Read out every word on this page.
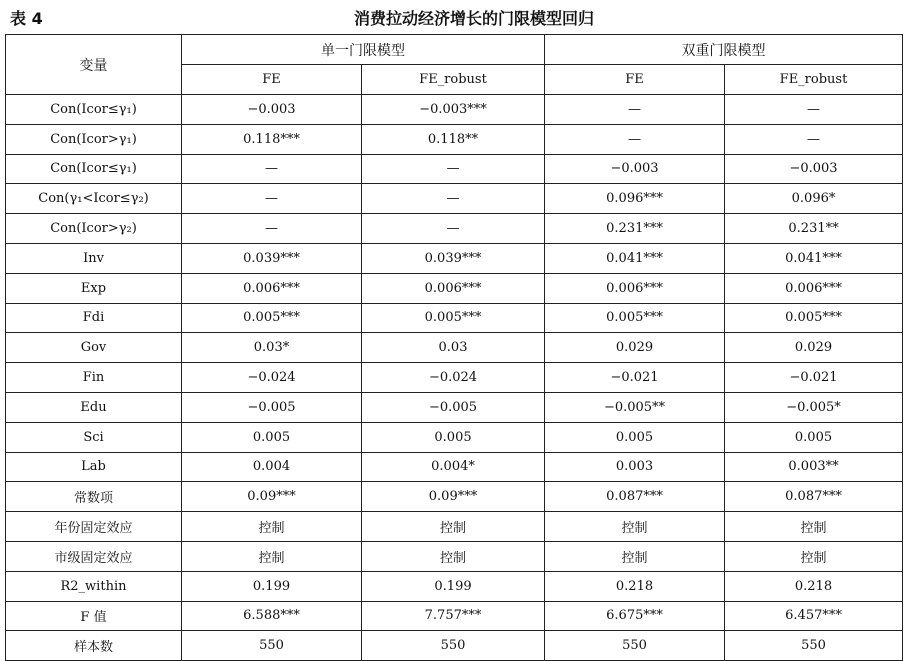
表 4	消费拉动经济增长的门限模型回归
变量	单一门限模型		双重门限模型	
	FE	FE_robust	FE	FE_robust
Con(Icor≤γ₁)	−0.003	−0.003***	—	—
Con(Icor>γ₁)	0.118***	0.118**	—	—
Con(Icor≤γ₁)	—	—	−0.003	−0.003
Con(γ₁<Icor≤γ₂)	—	—	0.096***	0.096*
Con(Icor>γ₂)	—	—	0.231***	0.231**
Inv	0.039***	0.039***	0.041***	0.041***
Exp	0.006***	0.006***	0.006***	0.006***
Fdi	0.005***	0.005***	0.005***	0.005***
Gov	0.03*	0.03	0.029	0.029
Fin	−0.024	−0.024	−0.021	−0.021
Edu	−0.005	−0.005	−0.005**	−0.005*
Sci	0.005	0.005	0.005	0.005
Lab	0.004	0.004*	0.003	0.003**
常数项	0.09***	0.09***	0.087***	0.087***
年份固定效应	控制	控制	控制	控制
市级固定效应	控制	控制	控制	控制
R2_within	0.199	0.199	0.218	0.218
F 值	6.588***	7.757***	6.675***	6.457***
样本数	550	550	550	550
